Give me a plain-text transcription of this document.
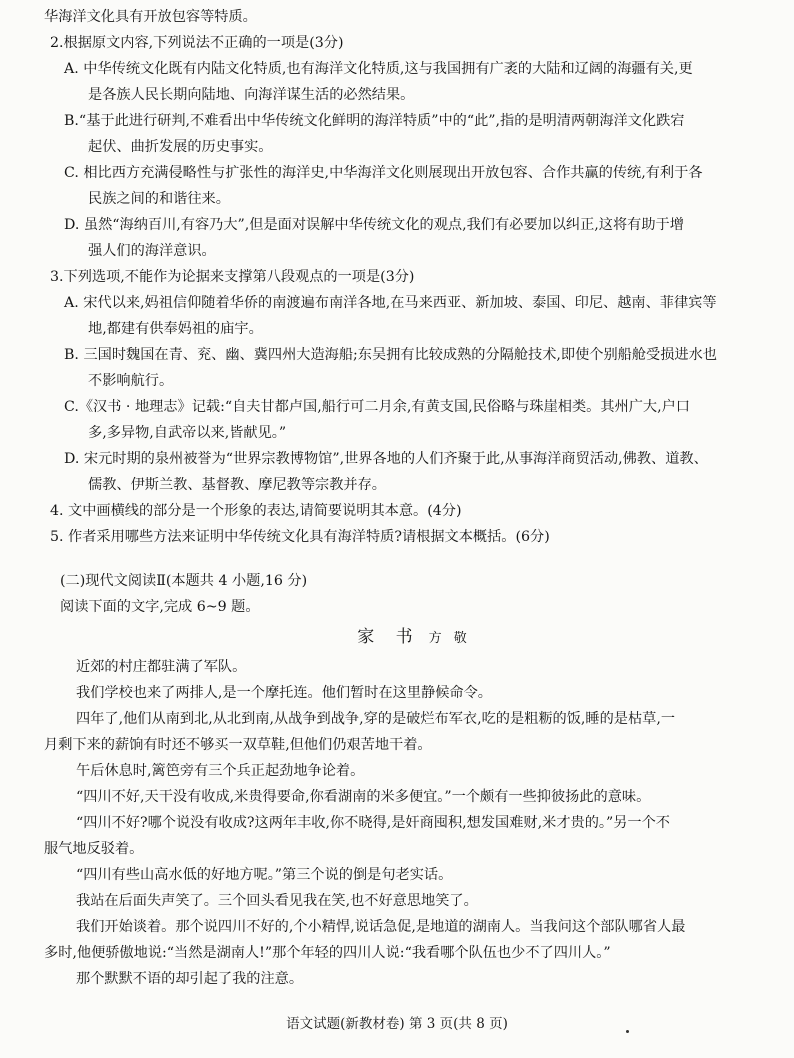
华海洋文化具有开放包容等特质。
2.根据原文内容,下列说法不正确的一项是(3分)
A. 中华传统文化既有内陆文化特质,也有海洋文化特质,这与我国拥有广袤的大陆和辽阔的海疆有关,更
是各族人民长期向陆地、向海洋谋生活的必然结果。
B.“基于此进行研判,不难看出中华传统文化鲜明的海洋特质”中的“此”,指的是明清两朝海洋文化跌宕
起伏、曲折发展的历史事实。
C. 相比西方充满侵略性与扩张性的海洋史,中华海洋文化则展现出开放包容、合作共赢的传统,有利于各
民族之间的和谐往来。
D. 虽然“海纳百川,有容乃大”,但是面对误解中华传统文化的观点,我们有必要加以纠正,这将有助于增
强人们的海洋意识。
3.下列选项,不能作为论据来支撑第八段观点的一项是(3分)
A. 宋代以来,妈祖信仰随着华侨的南渡遍布南洋各地,在马来西亚、新加坡、泰国、印尼、越南、菲律宾等
地,都建有供奉妈祖的庙宇。
B. 三国时魏国在青、兖、幽、冀四州大造海船;东吴拥有比较成熟的分隔舱技术,即使个别船舱受损进水也
不影响航行。
C.《汉书 · 地理志》记载:“自夫甘都卢国,船行可二月余,有黄支国,民俗略与珠崖相类。其州广大,户口
多,多异物,自武帝以来,皆献见。”
D. 宋元时期的泉州被誉为“世界宗教博物馆”,世界各地的人们齐聚于此,从事海洋商贸活动,佛教、道教、
儒教、伊斯兰教、基督教、摩尼教等宗教并存。
4. 文中画横线的部分是一个形象的表达,请简要说明其本意。(4分)
5. 作者采用哪些方法来证明中华传统文化具有海洋特质?请根据文本概括。(6分)
(二)现代文阅读Ⅱ(本题共 4 小题,16 分)
阅读下面的文字,完成 6~9 题。
家 书 方 敬
近郊的村庄都驻满了军队。
我们学校也来了两排人,是一个摩托连。他们暂时在这里静候命令。
四年了,他们从南到北,从北到南,从战争到战争,穿的是破烂布军衣,吃的是粗粝的饭,睡的是枯草,一
月剩下来的薪饷有时还不够买一双草鞋,但他们仍艰苦地干着。
午后休息时,篱笆旁有三个兵正起劲地争论着。
“四川不好,天干没有收成,米贵得要命,你看湖南的米多便宜。”一个颇有一些抑彼扬此的意味。
“四川不好?哪个说没有收成?这两年丰收,你不晓得,是奸商囤积,想发国难财,米才贵的。”另一个不
服气地反驳着。
“四川有些山高水低的好地方呢。”第三个说的倒是句老实话。
我站在后面失声笑了。三个回头看见我在笑,也不好意思地笑了。
我们开始谈着。那个说四川不好的,个小精悍,说话急促,是地道的湖南人。当我问这个部队哪省人最
多时,他便骄傲地说:“当然是湖南人!”那个年轻的四川人说:“我看哪个队伍也少不了四川人。”
那个默默不语的却引起了我的注意。
语文试题(新教材卷) 第 3 页(共 8 页)
